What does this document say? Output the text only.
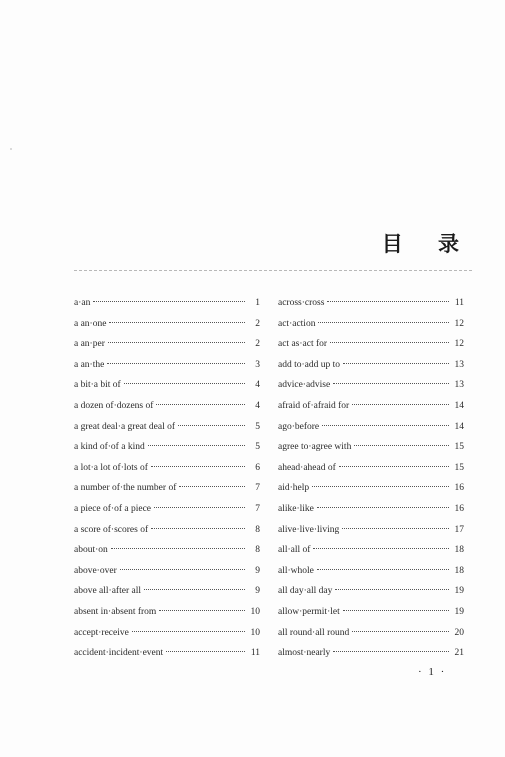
目 录
a·an	1
a an·one	2
a an·per	2
a an·the	3
a bit·a bit of	4
a dozen of·dozens of	4
a great deal·a great deal of	5
a kind of·of a kind	5
a lot·a lot of·lots of	6
a number of·the number of	7
a piece of·of a piece	7
a score of·scores of	8
about·on	8
above·over	9
above all·after all	9
absent in·absent from	10
accept·receive	10
accident·incident·event	11
across·cross	11
act·action	12
act as·act for	12
add to·add up to	13
advice·advise	13
afraid of·afraid for	14
ago·before	14
agree to·agree with	15
ahead·ahead of	15
aid·help	16
alike·like	16
alive·live·living	17
all·all of	18
all·whole	18
all day·all day	19
allow·permit·let	19
all round·all round	20
almost·nearly	21
· 1 ·
